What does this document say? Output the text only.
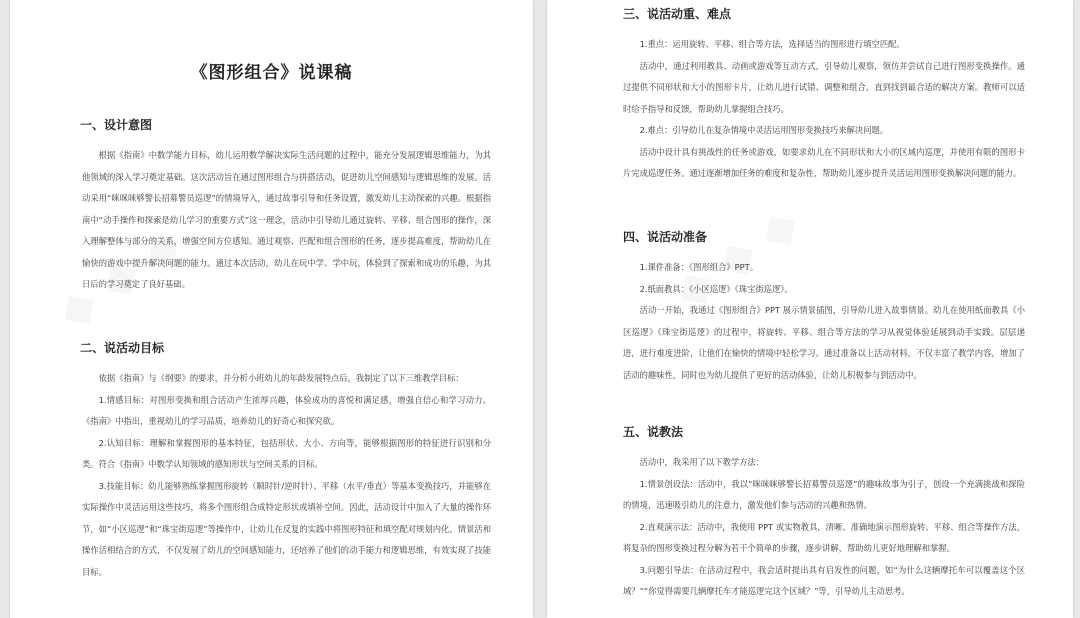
《图形组合》说课稿
一、设计意图

根据《指南》中数学能力目标，幼儿运用数学解决实际生活问题的过程中，能充分发展逻辑思维能力，为其他领域的深入学习奠定基础。这次活动旨在通过图形组合与拼搭活动，促进幼儿空间感知与逻辑思维的发展。活动采用“咪咪咪够警长招募警员巡逻”的情境导入，通过故事引导和任务设置，激发幼儿主动探索的兴趣。根据指南中“动手操作和探索是幼儿学习的重要方式”这一理念，活动中引导幼儿通过旋转、平移、组合图形的操作，深入理解整体与部分的关系，增强空间方位感知。通过观察、匹配和组合图形的任务，逐步提高难度，帮助幼儿在愉快的游戏中提升解决问题的能力。通过本次活动，幼儿在玩中学、学中玩，体验到了探索和成功的乐趣，为其日后的学习奠定了良好基础。

二、说活动目标

依据《指南》与《纲要》的要求，并分析小班幼儿的年龄发展特点后，我制定了以下三维教学目标：

1.情感目标：对图形变换和组合活动产生浓厚兴趣，体验成功的喜悦和满足感，增强自信心和学习动力。《指南》中指出，重视幼儿的学习品质，培养幼儿的好奇心和探究欲。

2.认知目标：理解和掌握图形的基本特征，包括形状、大小、方向等，能够根据图形的特征进行识别和分类。符合《指南》中数学认知领域的感知形状与空间关系的目标。

3.技能目标：幼儿能够熟练掌握图形旋转（顺时针/逆时针）、平移（水平/垂直）等基本变换技巧，并能够在实际操作中灵活运用这些技巧，将多个图形组合成特定形状或填补空间。因此，活动设计中加入了大量的操作环节，如“小区巡逻”和“珠宝街巡逻”等操作中，让幼儿在反复的实践中将图形特征和填空配对规划内化。情景活和操作活相结合的方式，不仅发展了幼儿的空间感知能力，还培养了他们的动手能力和逻辑思维，有效实现了技能目标。

三、说活动重、难点

1.重点：运用旋转、平移、组合等方法，选择适当的图形进行填空匹配。

活动中，通过利用教具、动画或游戏等互动方式，引导幼儿观察，领仿并尝试自己进行图形变换操作。通过提供不同形状和大小的图形卡片，让幼儿进行试错、调整和组合，直到找到最合适的解决方案。教师可以适时给予指导和反馈，帮助幼儿掌握组合技巧。

2.难点：引导幼儿在复杂情境中灵活运用图形变换技巧来解决问题。

活动中设计具有挑战性的任务或游戏，如要求幼儿在不同形状和大小的区域内巡逻，并使用有限的图形卡片完成巡逻任务。通过逐渐增加任务的难度和复杂性，帮助幼儿逐步提升灵活运用图形变换解决问题的能力。

四、说活动准备

1.课件准备：《图形组合》PPT。

2.纸面教具：《小区巡逻》《珠宝街巡逻》。

活动一开始，我通过《图形组合》PPT 展示情景插图，引导幼儿进入故事情景。幼儿在使用纸面教具《小区巡逻》《珠宝街巡逻》的过程中，将旋转、平移、组合等方法的学习从视觉体验延展到动手实践。层层递进，进行难度进阶，让他们在愉快的情境中轻松学习。通过准备以上活动材料，不仅丰富了教学内容，增加了活动的趣味性，同时也为幼儿提供了更好的活动体验，让幼儿积极参与到活动中。

五、说教法

活动中，我采用了以下教学方法：

1.情景创设法：活动中，我以“咪咪咪够警长招募警员巡逻”的趣味故事为引子，创设一个充满挑战和探险的情境，迅速吸引幼儿的注意力，激发他们参与活动的兴趣和热情。

2.直观演示法：活动中，我使用 PPT 或实物教具，清晰、准确地演示图形旋转、平移、组合等操作方法，将复杂的图形变换过程分解为若干个简单的步骤，逐步讲解，帮助幼儿更好地理解和掌握。

3.问题引导法：在活动过程中，我会适时提出具有启发性的问题，如“为什么这辆摩托车可以覆盖这个区域？”“你觉得需要几辆摩托车才能巡逻完这个区域？”等，引导幼儿主动思考。
